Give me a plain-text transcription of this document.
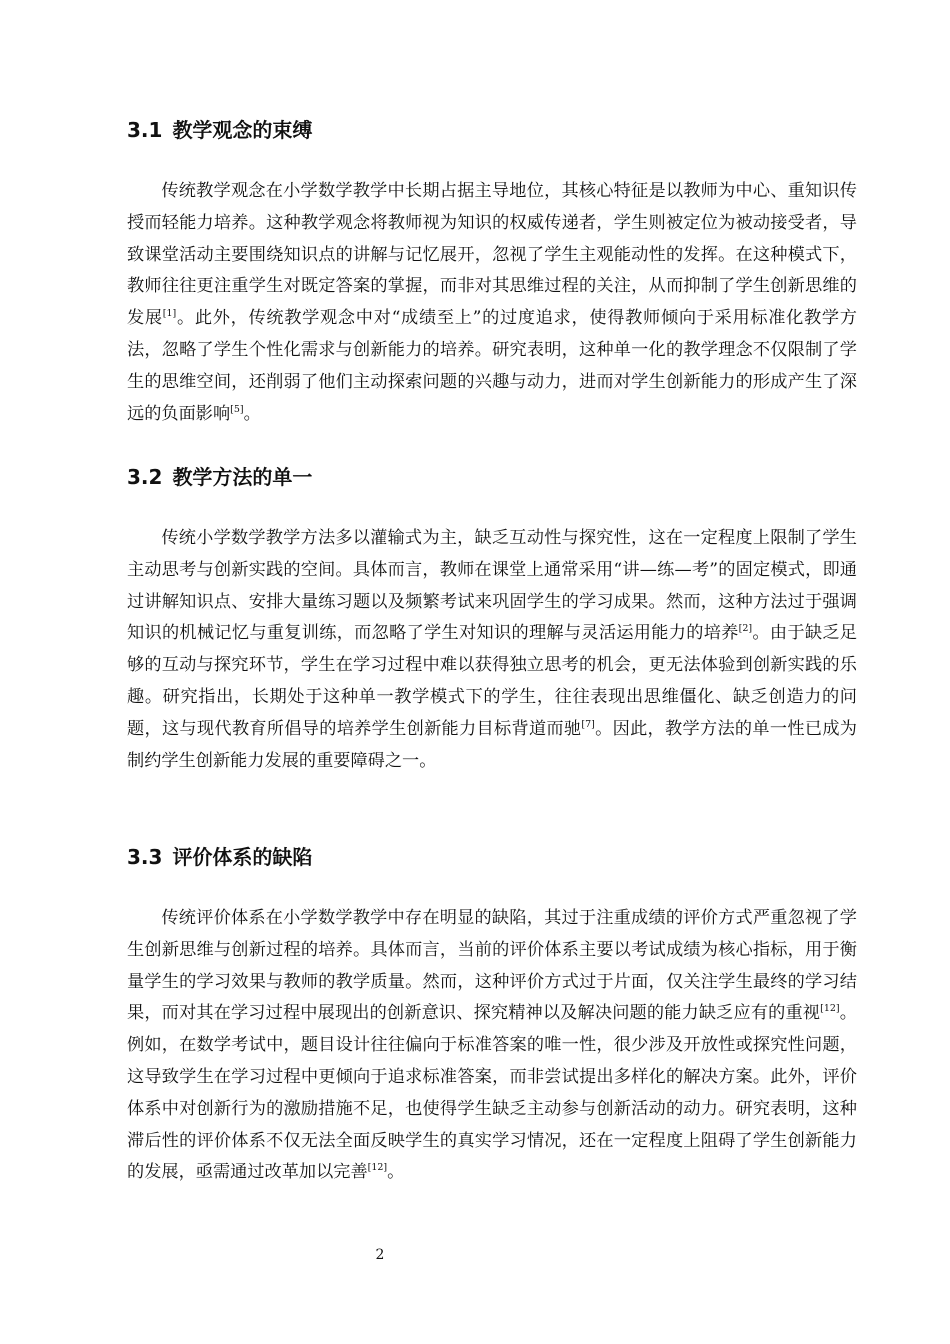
3.1 教学观念的束缚

传统教学观念在小学数学教学中长期占据主导地位，其核心特征是以教师为中心、重知识传授而轻能力培养。这种教学观念将教师视为知识的权威传递者，学生则被定位为被动接受者，导致课堂活动主要围绕知识点的讲解与记忆展开，忽视了学生主观能动性的发挥。在这种模式下，教师往往更注重学生对既定答案的掌握，而非对其思维过程的关注，从而抑制了学生创新思维的发展[1]。此外，传统教学观念中对“成绩至上”的过度追求，使得教师倾向于采用标准化教学方法，忽略了学生个性化需求与创新能力的培养。研究表明，这种单一化的教学理念不仅限制了学生的思维空间，还削弱了他们主动探索问题的兴趣与动力，进而对学生创新能力的形成产生了深远的负面影响[5]。

3.2 教学方法的单一

传统小学数学教学方法多以灌输式为主，缺乏互动性与探究性，这在一定程度上限制了学生主动思考与创新实践的空间。具体而言，教师在课堂上通常采用“讲—练—考”的固定模式，即通过讲解知识点、安排大量练习题以及频繁考试来巩固学生的学习成果。然而，这种方法过于强调知识的机械记忆与重复训练，而忽略了学生对知识的理解与灵活运用能力的培养[2]。由于缺乏足够的互动与探究环节，学生在学习过程中难以获得独立思考的机会，更无法体验到创新实践的乐趣。研究指出，长期处于这种单一教学模式下的学生，往往表现出思维僵化、缺乏创造力的问题，这与现代教育所倡导的培养学生创新能力目标背道而驰[7]。因此，教学方法的单一性已成为制约学生创新能力发展的重要障碍之一。

3.3 评价体系的缺陷

传统评价体系在小学数学教学中存在明显的缺陷，其过于注重成绩的评价方式严重忽视了学生创新思维与创新过程的培养。具体而言，当前的评价体系主要以考试成绩为核心指标，用于衡量学生的学习效果与教师的教学质量。然而，这种评价方式过于片面，仅关注学生最终的学习结果，而对其在学习过程中展现出的创新意识、探究精神以及解决问题的能力缺乏应有的重视[12]。例如，在数学考试中，题目设计往往偏向于标准答案的唯一性，很少涉及开放性或探究性问题，这导致学生在学习过程中更倾向于追求标准答案，而非尝试提出多样化的解决方案。此外，评价体系中对创新行为的激励措施不足，也使得学生缺乏主动参与创新活动的动力。研究表明，这种滞后性的评价体系不仅无法全面反映学生的真实学习情况，还在一定程度上阻碍了学生创新能力的发展，亟需通过改革加以完善[12]。

2
